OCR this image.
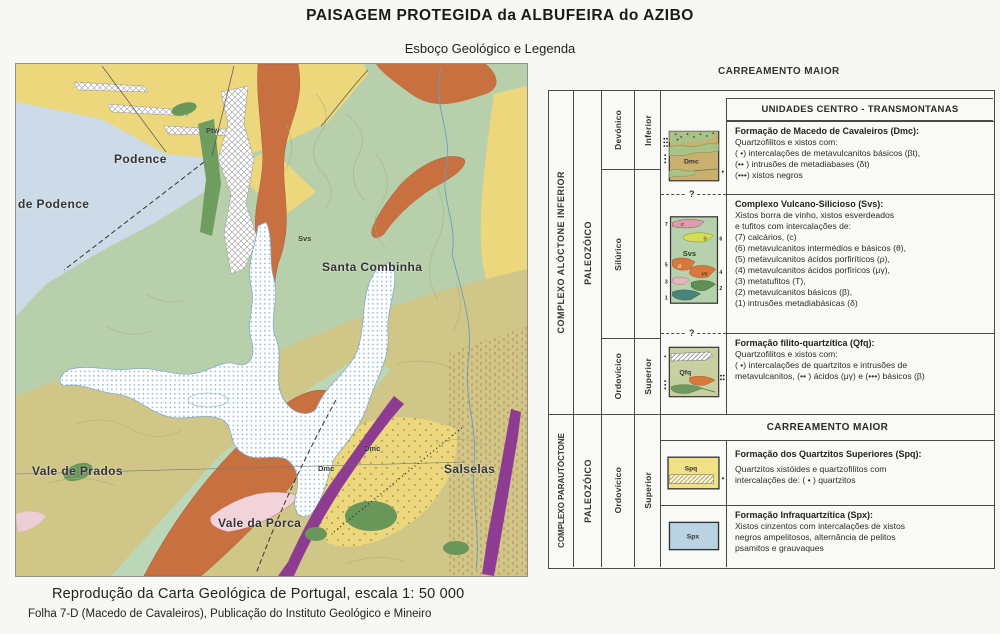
PAISAGEM PROTEGIDA da ALBUFEIRA do AZIBO
Esboço Geológico e Legenda
Podence
de Podence
Santa Combinha
Vale de Prados	Salselas
Vale da Porca
Svs
Dmc
Dmc
Ptw
CARREAMENTO MAIOR
COMPLEXO ALÓCTONE INFERIOR PALEOZÓICO
Devónico
Silúrico
Ordovícico
Inferior
Superior
UNIDADES CENTRO - TRANSMONTANAS
Dmc
Formação de Macedo de Cavaleiros (Dmc):
Quartzofilitos e xistos com:
( •) intercalações de metavulcanitos básicos (βt),
(•• ) intrusões de metadiabases (δt)
(•••) xistos negros
?
c
θ
Svs
ρ
μγ
7
6
5
4
3
2
1
Complexo Vulcano-Silicioso (Svs):
Xistos borra de vinho, xistos esverdeados
e tufitos com intercalações de:
(7) calcários, (c)
(6) metavulcanitos intermédios e básicos (θ),
(5) metavulcanitos ácidos porfiríticos (ρ),
(4) metavulcanitos ácidos porfíricos (μγ),
(3) metatufitos (T),
(2) metavulcanitos básicos (β),
(1) intrusões metadiabásicas (δ)
?
Qfq
Formação fílito-quartzítica (Qfq):
Quartzofilitos e xistos com:
( •) intercalações de quartzitos e intrusões de
metavulcanitos, (•• ) ácidos (μγ) e (•••) básicos (β)
COMPLEXO PARAUTÓCTONE PALEOZÓICO Ordovícico Superior
CARREAMENTO MAIOR
Spq
Formação dos Quartzitos Superiores (Spq):
Quartzitos xistóides e quartzofilitos com
intercalações de: ( • ) quartzitos
Spx
Formação Infraquartzítica (Spx):
Xistos cinzentos com intercalações de xistos
negros ampelitosos, alternância de pelitos
psamitos e grauvaques
Reprodução da Carta Geológica de Portugal, escala 1: 50 000
Folha 7-D (Macedo de Cavaleiros), Publicação do Instituto Geológico e Mineiro
